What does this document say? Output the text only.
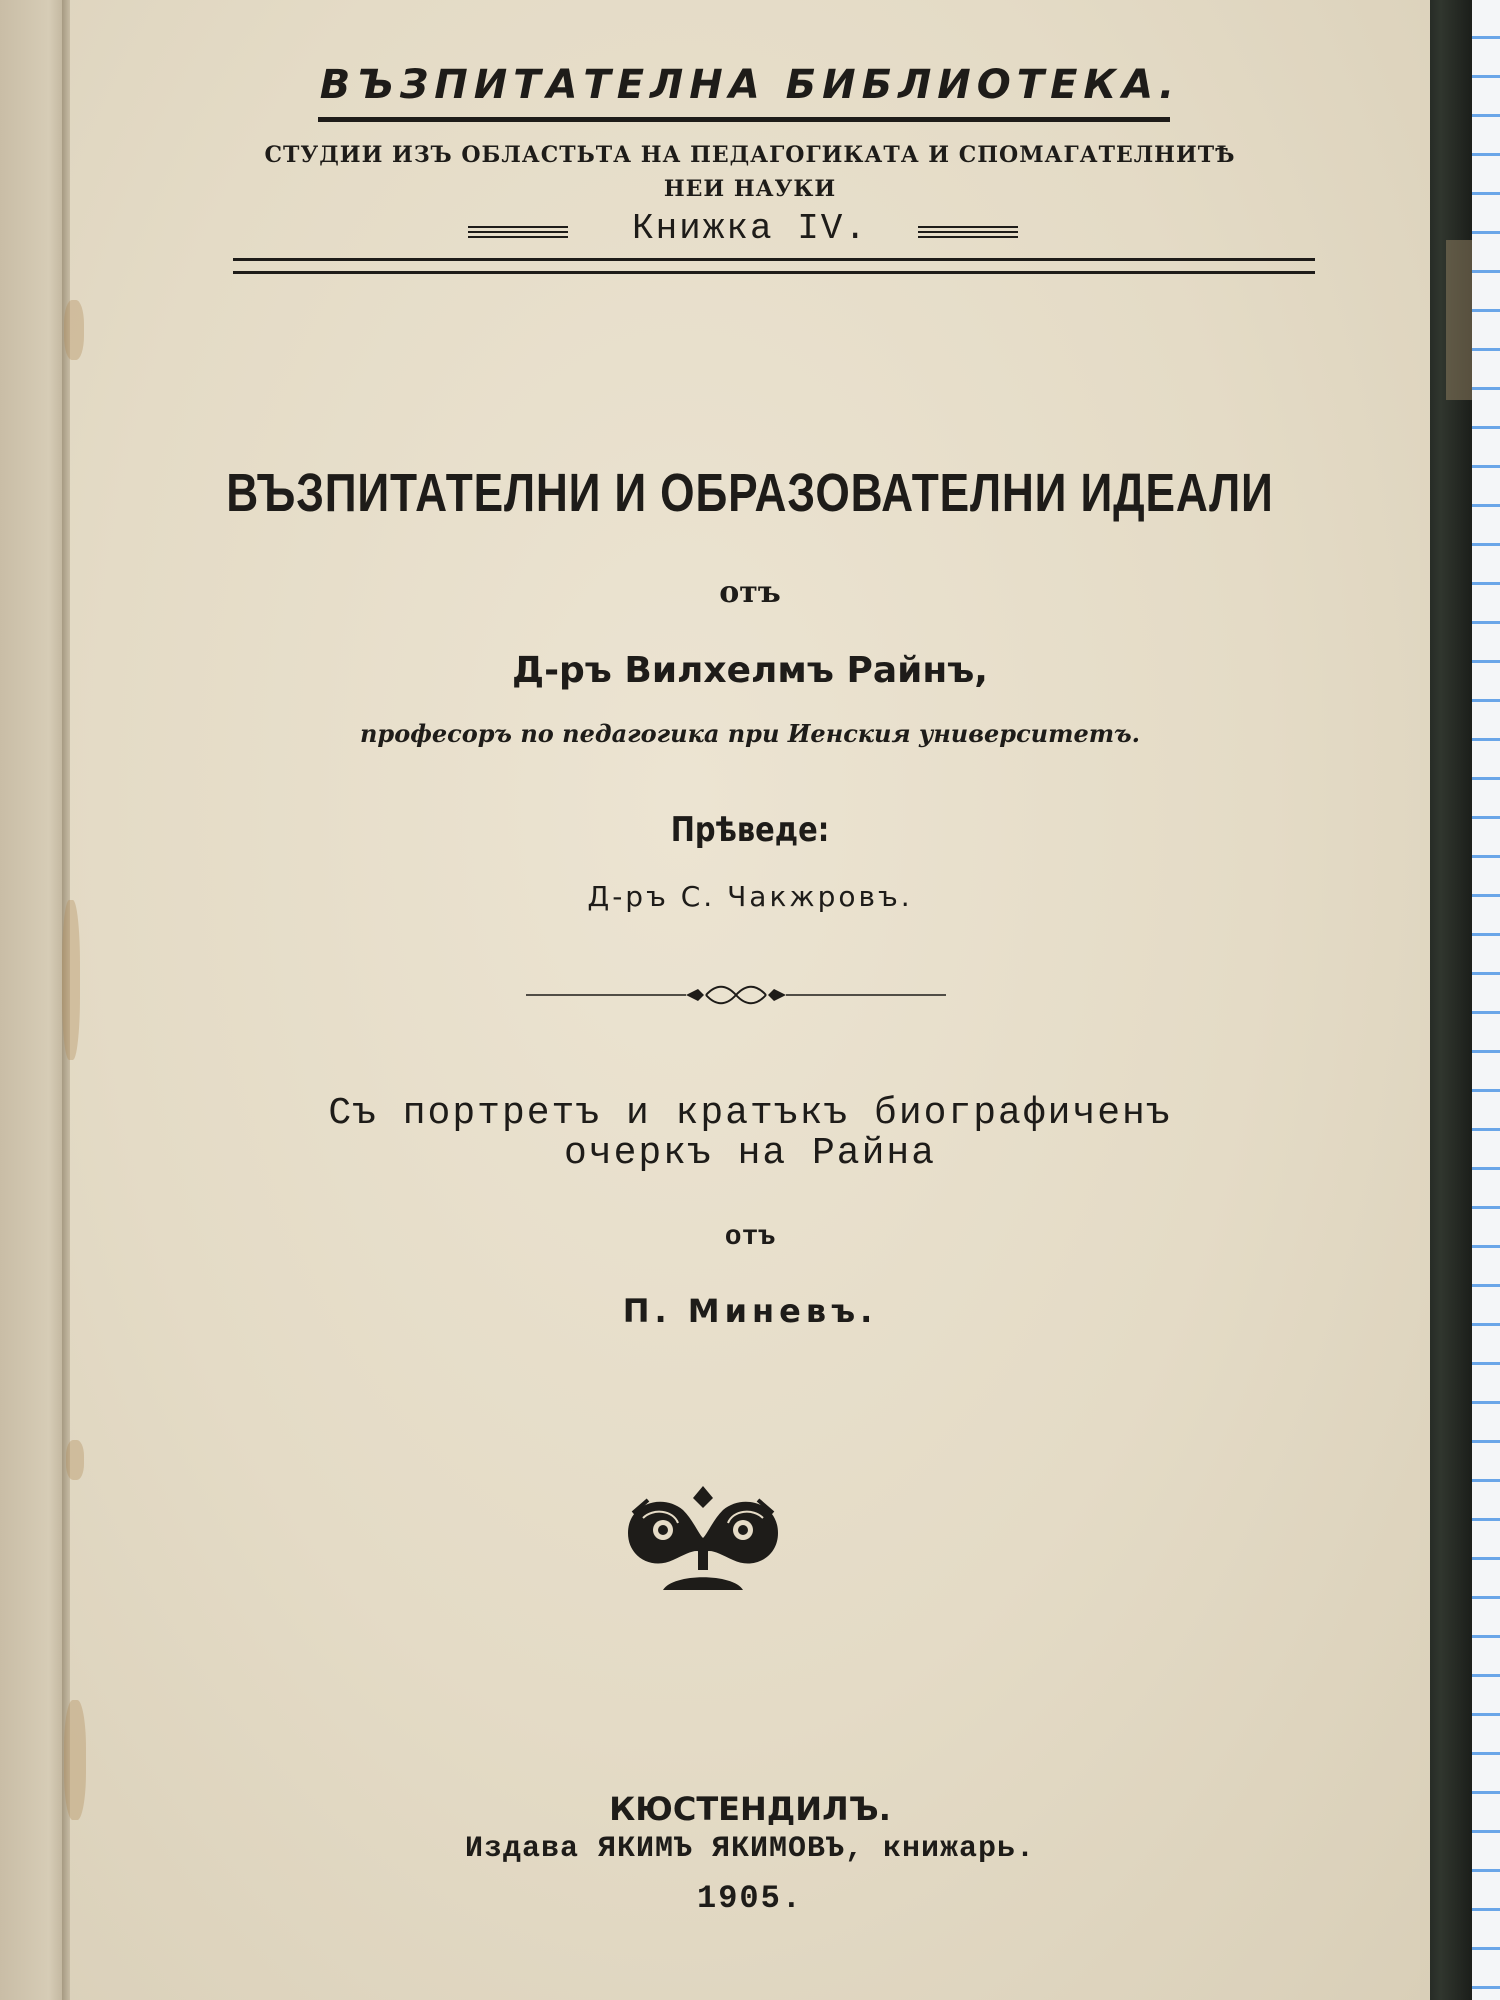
ВЪЗПИТАТЕЛНА БИБЛИОТЕКА.
СТУДИИ ИЗЪ ОБЛАСТЬТА НА ПЕДАГОГИКАТА И СПОМАГАТЕЛНИТѢ
НЕИ НАУКИ
Книжка IV.
ВЪЗПИТАТЕЛНИ И ОБРАЗОВАТЕЛНИ ИДЕАЛИ
отъ
Д-ръ Вилхелмъ Райнъ,
професоръ по педагогика при Иенския университетъ.
Прѣведе:
Д-ръ С. Чакжровъ.
Съ портретъ и кратъкъ биографиченъ
очеркъ на Райна
отъ
П. Миневъ.
КЮСТЕНДИЛЪ.
Издава ЯКИМЪ ЯКИМОВЪ, книжарь.
1905.
